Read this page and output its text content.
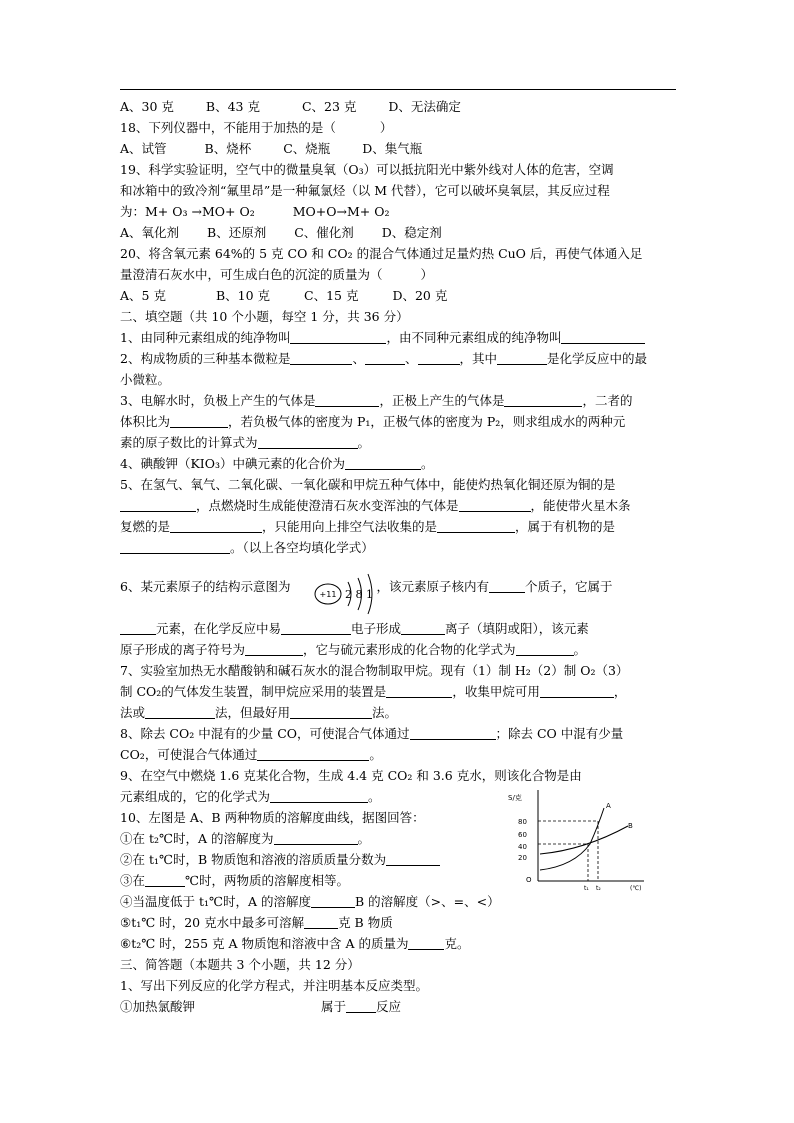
A、30 克	B、43 克	C、23 克	D、无法确定
18、下列仪器中，不能用于加热的是（	）
A、试管	B、烧杯	C、烧瓶	D、集气瓶
19、科学实验证明，空气中的微量臭氧（O₃）可以抵抗阳光中紫外线对人体的危害，空调
和冰箱中的致冷剂“氟里昂”是一种氟氯烃（以 M 代替），它可以破坏臭氧层，其反应过程
为：M+ O₃ →MO+ O₂	MO+O→M+ O₂
A、氧化剂 B、还原剂 C、催化剂 D、稳定剂
20、将含氧元素 64%的 5 克 CO 和 CO₂ 的混合气体通过足量灼热 CuO 后，再使气体通入足
量澄清石灰水中，可生成白色的沉淀的质量为（	）
A、5 克	B、10 克	C、15 克	D、20 克
二、填空题（共 10 个小题，每空 1 分，共 36 分）
1、由同种元素组成的纯净物叫	，由不同种元素组成的纯净物叫
2、构成物质的三种基本微粒是	、	、	，其中	是化学反应中的最
小微粒。
3、电解水时，负极上产生的气体是	，正极上产生的气体是	，二者的
体积比为	，若负极气体的密度为 P₁，正极气体的密度为 P₂，则求组成水的两种元
素的原子数比的计算式为	。
4、碘酸钾（KIO₃）中碘元素的化合价为	。
5、在氢气、氧气、二氧化碳、一氧化碳和甲烷五种气体中，能使灼热氧化铜还原为铜的是
，点燃烧时生成能使澄清石灰水变浑浊的气体是	，能使带火星木条
复燃的是	，只能用向上排空气法收集的是	，属于有机物的是
。（以上各空均填化学式）
6、某元素原子的结构示意图为	，该元素原子核内有	个质子，它属于
+11 2 8 1
元素，在化学反应中易	电子形成	离子（填阴或阳），该元素
原子形成的离子符号为	，它与硫元素形成的化合物的化学式为	。
7、实验室加热无水醋酸钠和碱石灰水的混合物制取甲烷。现有（1）制 H₂（2）制 O₂（3）
制 CO₂的气体发生装置，制甲烷应采用的装置是	，收集甲烷可用	，
法或	法，但最好用	法。
8、除去 CO₂ 中混有的少量 CO，可使混合气体通过	；除去 CO 中混有少量
CO₂，可使混合气体通过	。
9、在空气中燃烧 1.6 克某化合物，生成 4.4 克 CO₂ 和 3.6 克水，则该化合物是由
元素组成的，它的化学式为	。
10、左图是 A、B 两种物质的溶解度曲线，据图回答：
①在 t₂℃时，A 的溶解度为	。
②在 t₁℃时，B 物质饱和溶液的溶质质量分数为
③在	℃时，两物质的溶解度相等。
④当温度低于 t₁℃时，A 的溶解度	B 的溶解度（>、=、<）
⑤t₁℃ 时，20 克水中最多可溶解	克 B 物质
⑥t₂℃ 时，255 克 A 物质饱和溶液中含 A 的质量为	克。
S/克
80
60
40
20
O
A
B
t₁ t₂	(℃)
三、简答题（本题共 3 个小题，共 12 分）
1、写出下列反应的化学方程式，并注明基本反应类型。
①加热氯酸钾	属于 反应
